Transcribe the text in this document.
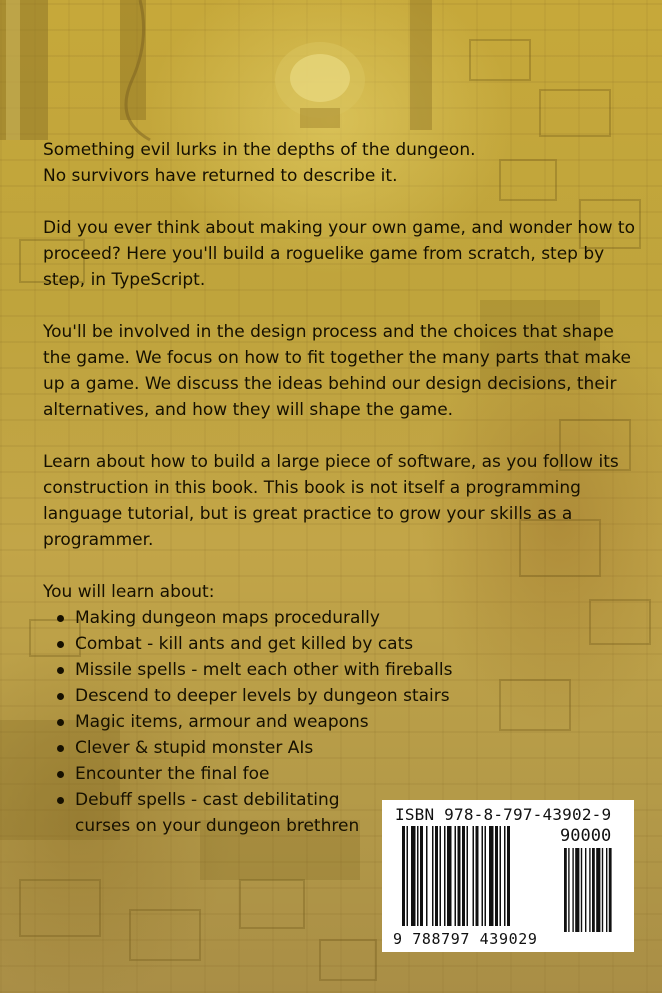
Something evil lurks in the depths of the dungeon.

No survivors have returned to describe it.

Did you ever think about making your own game, and wonder how to proceed? Here you'll build a roguelike game from scratch, step by step, in TypeScript.

You'll be involved in the design process and the choices that shape the game. We focus on how to fit together the many parts that make up a game. We discuss the ideas behind our design decisions, their alternatives, and how they will shape the game.

Learn about how to build a large piece of software, as you follow its construction in this book. This book is not itself a programming language tutorial, but is great practice to grow your skills as a programmer.

You will learn about:
Making dungeon maps procedurally
Combat - kill ants and get killed by cats
Missile spells - melt each other with fireballs
Descend to deeper levels by dungeon stairs
Magic items, armour and weapons
Clever & stupid monster AIs
Encounter the final foe
Debuff spells - cast debilitating curses on your dungeon brethren
ISBN 978-8-797-43902-9
90000
9 788797 439029
